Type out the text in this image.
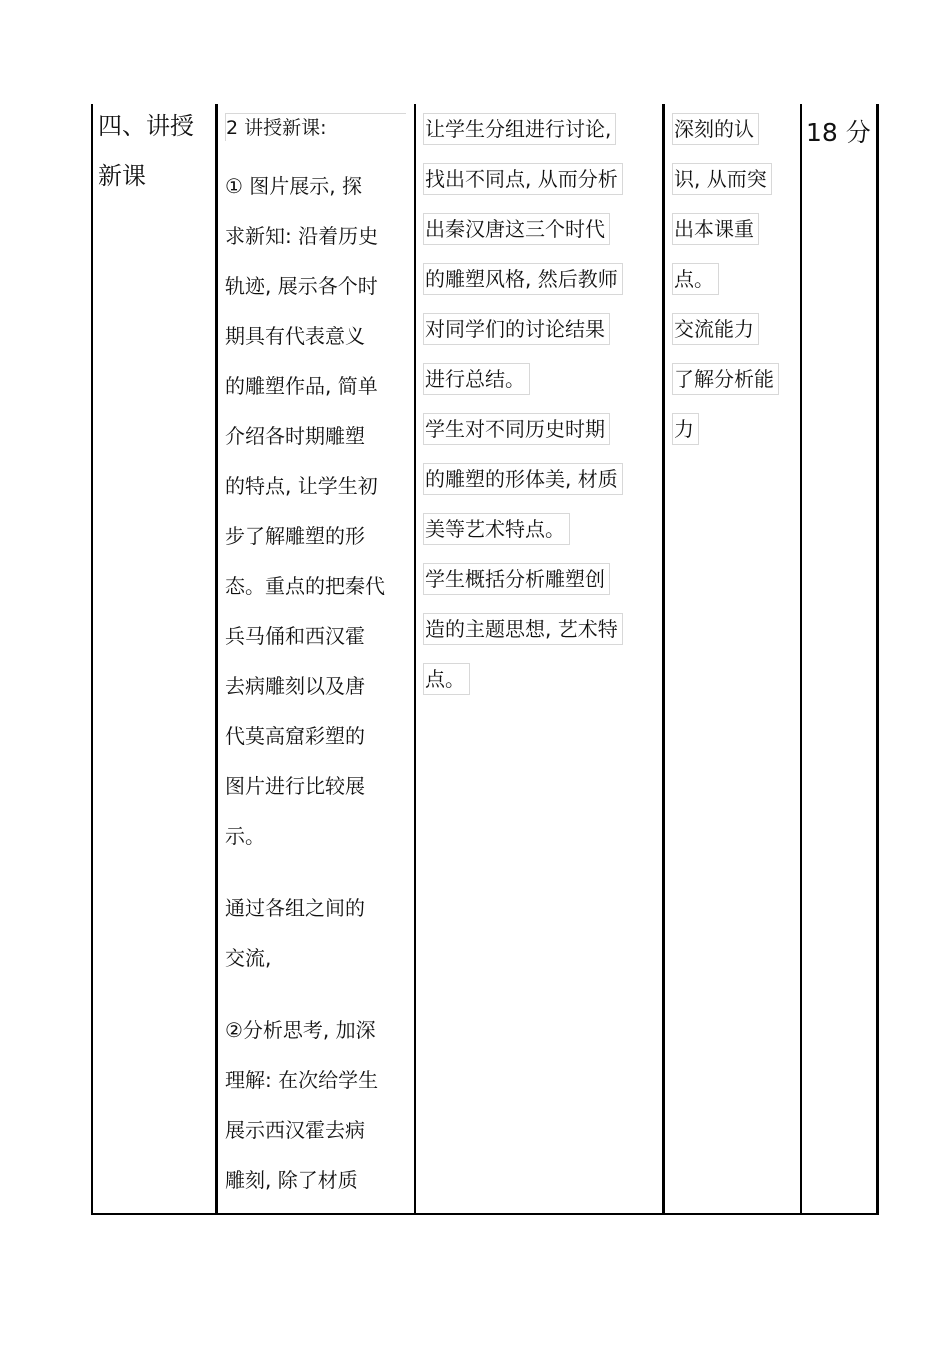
四、讲授
新课
2 讲授新课:
① 图片展示, 探
求新知: 沿着历史
轨迹, 展示各个时
期具有代表意义
的雕塑作品, 简单
介绍各时期雕塑
的特点, 让学生初
步了解雕塑的形
态。重点的把秦代
兵马俑和西汉霍
去病雕刻以及唐
代莫高窟彩塑的
图片进行比较展
示。
通过各组之间的
交流,
②分析思考, 加深
理解: 在次给学生
展示西汉霍去病
雕刻, 除了材质
让学生分组进行讨论,
找出不同点, 从而分析
出秦汉唐这三个时代
的雕塑风格, 然后教师
对同学们的讨论结果
进行总结。
学生对不同历史时期
的雕塑的形体美, 材质
美等艺术特点。
学生概括分析雕塑创
造的主题思想, 艺术特
点。
深刻的认
识, 从而突
出本课重
点。
交流能力
了解分析能
力
18 分
